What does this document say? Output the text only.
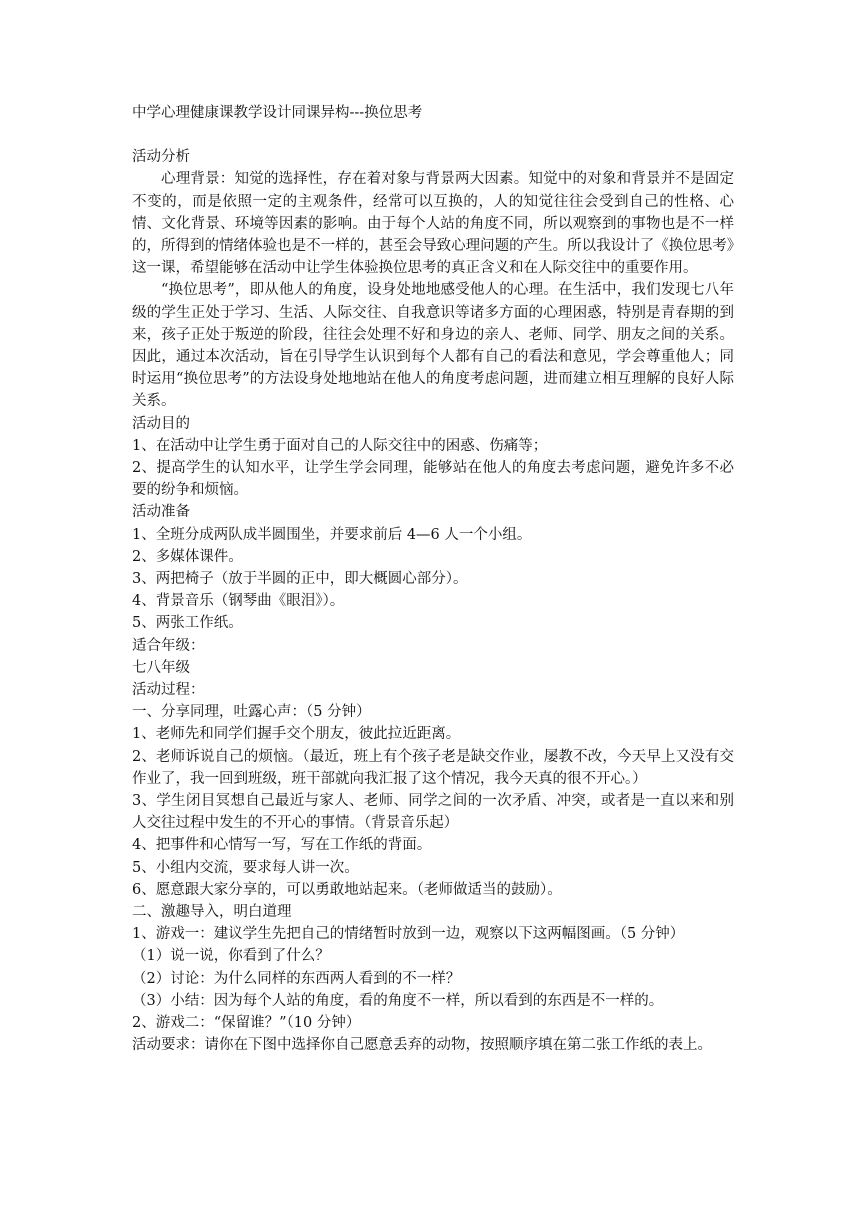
中学心理健康课教学设计同课异构---换位思考
活动分析
心理背景：知觉的选择性，存在着对象与背景两大因素。知觉中的对象和背景并不是固定不变的，而是依照一定的主观条件，经常可以互换的，人的知觉往往会受到自己的性格、心情、文化背景、环境等因素的影响。由于每个人站的角度不同，所以观察到的事物也是不一样的，所得到的情绪体验也是不一样的，甚至会导致心理问题的产生。所以我设计了《换位思考》这一课，希望能够在活动中让学生体验换位思考的真正含义和在人际交往中的重要作用。
“换位思考”，即从他人的角度，设身处地地感受他人的心理。在生活中，我们发现七八年级的学生正处于学习、生活、人际交往、自我意识等诸多方面的心理困惑，特别是青春期的到来，孩子正处于叛逆的阶段，往往会处理不好和身边的亲人、老师、同学、朋友之间的关系。因此，通过本次活动，旨在引导学生认识到每个人都有自己的看法和意见，学会尊重他人；同时运用“换位思考”的方法设身处地地站在他人的角度考虑问题，进而建立相互理解的良好人际关系。
活动目的
1、在活动中让学生勇于面对自己的人际交往中的困惑、伤痛等；
2、提高学生的认知水平，让学生学会同理，能够站在他人的角度去考虑问题，避免许多不必要的纷争和烦恼。
活动准备
1、全班分成两队成半圆围坐，并要求前后 4—6 人一个小组。
2、多媒体课件。
3、两把椅子（放于半圆的正中，即大概圆心部分）。
4、背景音乐（钢琴曲《眼泪》）。
5、两张工作纸。
适合年级：
七八年级
活动过程：
一、分享同理，吐露心声：（5 分钟）
1、老师先和同学们握手交个朋友，彼此拉近距离。
2、老师诉说自己的烦恼。（最近，班上有个孩子老是缺交作业，屡教不改，今天早上又没有交作业了，我一回到班级，班干部就向我汇报了这个情况，我今天真的很不开心。）
3、学生闭目冥想自己最近与家人、老师、同学之间的一次矛盾、冲突，或者是一直以来和别人交往过程中发生的不开心的事情。（背景音乐起）
4、把事件和心情写一写，写在工作纸的背面。
5、小组内交流，要求每人讲一次。
6、愿意跟大家分享的，可以勇敢地站起来。（老师做适当的鼓励）。
二、激趣导入，明白道理
1、游戏一：建议学生先把自己的情绪暂时放到一边，观察以下这两幅图画。（5 分钟）
（1）说一说，你看到了什么？
（2）讨论：为什么同样的东西两人看到的不一样？
（3）小结：因为每个人站的角度，看的角度不一样，所以看到的东西是不一样的。
2、游戏二：“保留谁？”（10 分钟）
活动要求：请你在下图中选择你自己愿意丢弃的动物，按照顺序填在第二张工作纸的表上。
